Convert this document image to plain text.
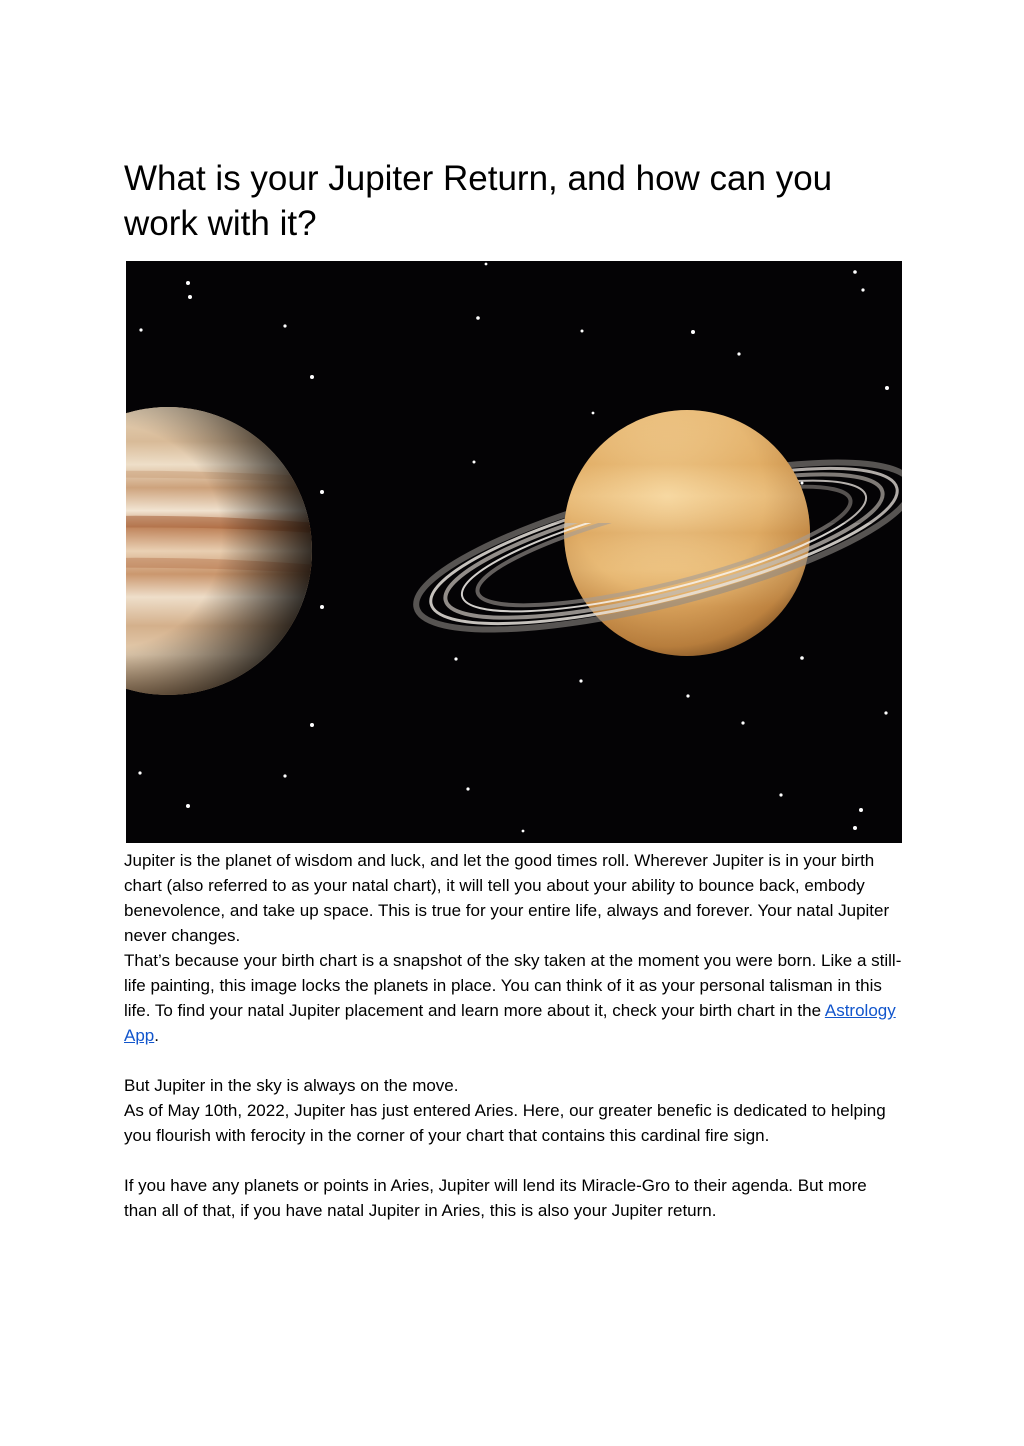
What is your Jupiter Return, and how can you work with it?

Jupiter is the planet of wisdom and luck, and let the good times roll. Wherever Jupiter is in your birth chart (also referred to as your natal chart), it will tell you about your ability to bounce back, embody benevolence, and take up space. This is true for your entire life, always and forever. Your natal Jupiter never changes.

That’s because your birth chart is a snapshot of the sky taken at the moment you were born. Like a still-life painting, this image locks the planets in place. You can think of it as your personal talisman in this life. To find your natal Jupiter placement and learn more about it, check your birth chart in the Astrology App.

But Jupiter in the sky is always on the move.

As of May 10th, 2022, Jupiter has just entered Aries. Here, our greater benefic is dedicated to helping you flourish with ferocity in the corner of your chart that contains this cardinal fire sign.

If you have any planets or points in Aries, Jupiter will lend its Miracle-Gro to their agenda. But more than all of that, if you have natal Jupiter in Aries, this is also your Jupiter return.
